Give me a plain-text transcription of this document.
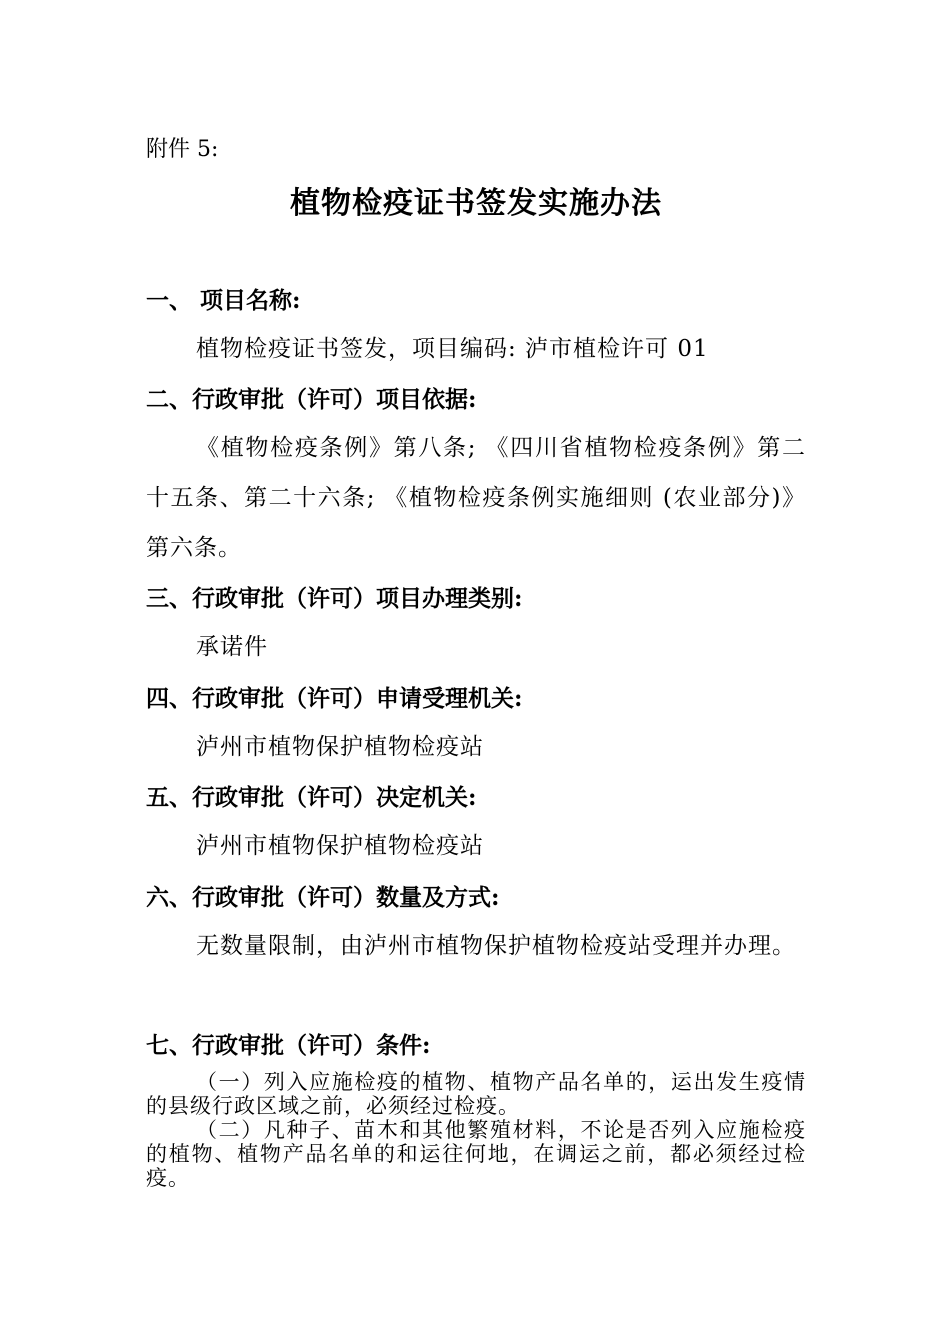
附件 5:
植物检疫证书签发实施办法
一、 项目名称:
植物检疫证书签发，项目编码: 泸市植检许可 01
二、行政审批（许可）项目依据:
《植物检疫条例》第八条; 《四川省植物检疫条例》第二十五条、第二十六条; 《植物检疫条例实施细则 (农业部分)》第六条。
三、行政审批（许可）项目办理类别:
承诺件
四、行政审批（许可）申请受理机关:
泸州市植物保护植物检疫站
五、行政审批（许可）决定机关:
泸州市植物保护植物检疫站
六、行政审批（许可）数量及方式:
无数量限制，由泸州市植物保护植物检疫站受理并办理。
七、行政审批（许可）条件:

（一）列入应施检疫的植物、植物产品名单的，运出发生疫情的县级行政区域之前，必须经过检疫。

（二）凡种子、苗木和其他繁殖材料，不论是否列入应施检疫的植物、植物产品名单的和运往何地，在调运之前，都必须经过检疫。
